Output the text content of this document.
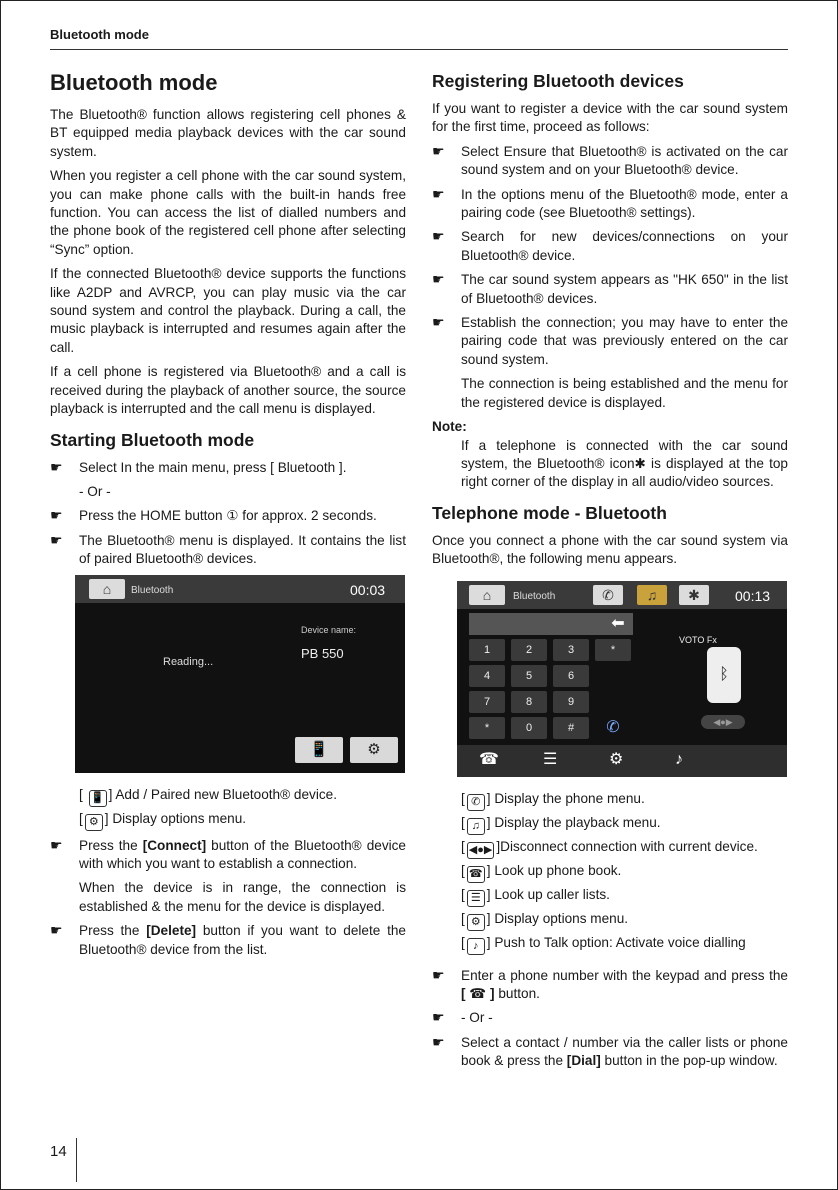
Bluetooth mode
Bluetooth mode

The Bluetooth® function allows registering cell phones & BT equipped media playback devices with the car sound system.

When you register a cell phone with the car sound system, you can make phone calls with the built-in hands free function. You can access the list of dialled numbers and the phone book of the registered cell phone after selecting “Sync” option.

If the connected Bluetooth® device supports the functions like A2DP and AVRCP, you can play music via the car sound system and control the playback. During a call, the music playback is interrupted and resumes again after the call.

If a cell phone is registered via Bluetooth® and a call is received during the playback of another source, the source playback is interrupted and the call menu is displayed.

Starting Bluetooth mode
☛ Select In the main menu, press [ Bluetooth ].
- Or -
☛ Press the HOME button ① for approx. 2 seconds.
☛ The Bluetooth® menu is displayed. It contains the list of paired Bluetooth® devices.
⌂	Bluetooth	00:03
Reading...
Device name:
PB 550
📱	⚙
[ 📱 ] Add / Paired new Bluetooth® device.
[ ⚙ ] Display options menu.
☛ Press the [Connect] button of the Bluetooth® device with which you want to establish a connection.

When the device is in range, the connection is established & the menu for the device is displayed.

☛ Press the [Delete] button if you want to delete the Bluetooth® device from the list.
Registering Bluetooth devices

If you want to register a device with the car sound system for the first time, proceed as follows:

☛ Select Ensure that Bluetooth® is activated on the car sound system and on your Bluetooth® device.
☛ In the options menu of the Bluetooth® mode, enter a pairing code (see Bluetooth® settings).
☛ Search for new devices/connections on your Bluetooth® device.
☛ The car sound system appears as "HK 650" in the list of Bluetooth® devices.
☛ Establish the connection; you may have to enter the pairing code that was previously entered on the car sound system.

The connection is being established and the menu for the registered device is displayed.

Note:

If a telephone is connected with the car sound system, the Bluetooth® icon✱ is displayed at the top right corner of the display in all audio/video sources.

Telephone mode - Bluetooth

Once you connect a phone with the car sound system via Bluetooth®, the following menu appears.

⌂	Bluetooth	✆	♫	✱	00:13
⬅
1	2	3	*
4	5	6
7	8	9
*	0	#	✆
VOTO Fx
ᛒ
◀●▶
☎	☰	⚙	♪
[ ✆ ] Display the phone menu.
[ ♫ ] Display the playback menu.
[ ◀●▶ ]Disconnect connection with current device.
[ ☎ ] Look up phone book.
[ ☰ ] Look up caller lists.
[ ⚙ ] Display options menu.
[ ♪ ] Push to Talk option: Activate voice dialling
☛ Enter a phone number with the keypad and press the [ ☎ ] button.
☛ - Or -
☛ Select a contact / number via the caller lists or phone book & press the [Dial] button in the pop-up window.
14
